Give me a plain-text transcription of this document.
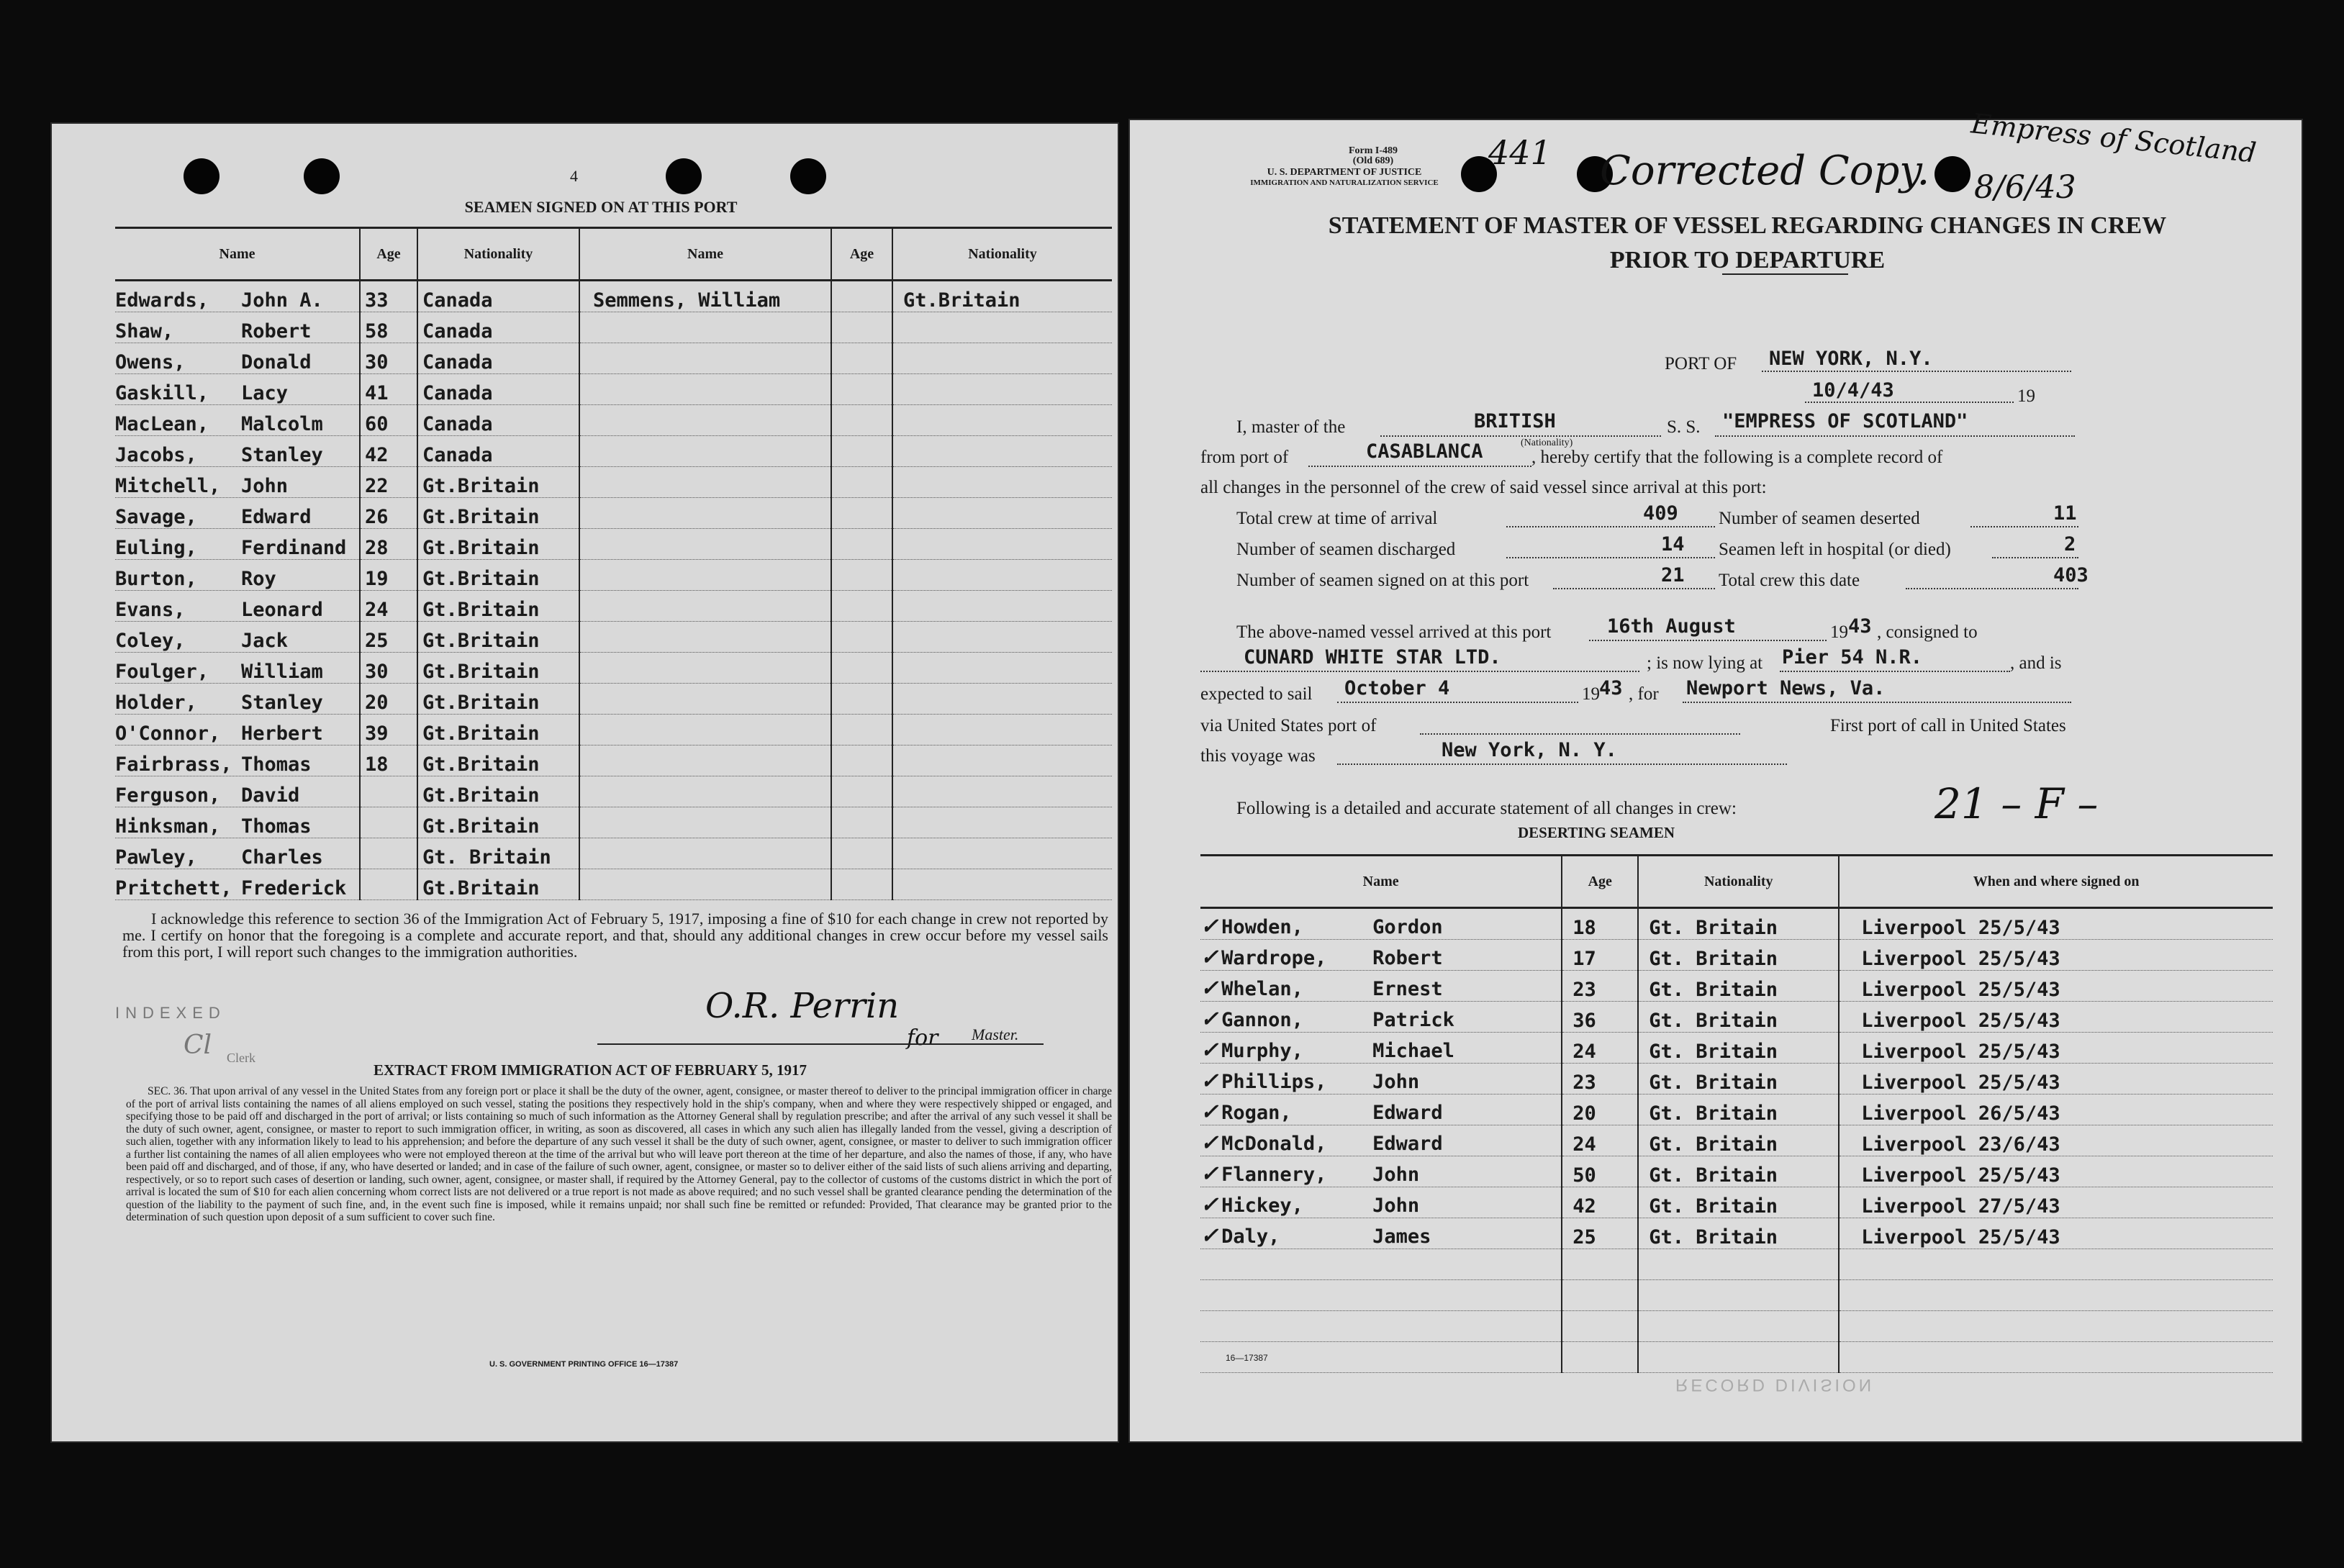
4
SEAMEN SIGNED ON AT THIS PORT
Name	Age	Nationality	Name	Age	Nationality
Edwards, John A.	33	Canada	Semmens, William		Gt.Britain
Shaw, Robert	58	Canada			
Owens, Donald	30	Canada			
Gaskill, Lacy	41	Canada			
MacLean, Malcolm	60	Canada			
Jacobs, Stanley	42	Canada			
Mitchell, John	22	Gt.Britain			
Savage, Edward	26	Gt.Britain			
Euling, Ferdinand	28	Gt.Britain			
Burton, Roy	19	Gt.Britain			
Evans, Leonard	24	Gt.Britain			
Coley, Jack	25	Gt.Britain			
Foulger, William	30	Gt.Britain			
Holder, Stanley	20	Gt.Britain			
O'Connor, Herbert	39	Gt.Britain			
Fairbrass, Thomas	18	Gt.Britain			
Ferguson, David		Gt.Britain			
Hinksman, Thomas		Gt.Britain			
Pawley, Charles		Gt. Britain			
Pritchett, Frederick		Gt.Britain			
I acknowledge this reference to section 36 of the Immigration Act of February 5, 1917, imposing a fine of $10 for each change in crew not reported by me. I certify on honor that the foregoing is a complete and accurate report, and that, should any additional changes in crew occur before my vessel sails from this port, I will report such changes to the immigration authorities.
INDEXED
Cl Clerk
O.R. Perrin
for Master.
EXTRACT FROM IMMIGRATION ACT OF FEBRUARY 5, 1917
SEC. 36. That upon arrival of any vessel in the United States from any foreign port or place it shall be the duty of the owner, agent, consignee, or master thereof to deliver to the principal immigration officer in charge of the port of arrival lists containing the names of all aliens employed on such vessel, stating the positions they respectively hold in the ship's company, when and where they were respectively shipped or engaged, and specifying those to be paid off and discharged in the port of arrival; or lists containing so much of such information as the Attorney General shall by regulation prescribe; and after the arrival of any such vessel it shall be the duty of such owner, agent, consignee, or master to report to such immigration officer, in writing, as soon as discovered, all cases in which any such alien has illegally landed from the vessel, giving a description of such alien, together with any information likely to lead to his apprehension; and before the departure of any such vessel it shall be the duty of such owner, agent, consignee, or master to deliver to such immigration officer a further list containing the names of all alien employees who were not employed thereon at the time of the arrival but who will leave port thereon at the time of her departure, and also the names of those, if any, who have been paid off and discharged, and of those, if any, who have deserted or landed; and in case of the failure of such owner, agent, consignee, or master so to deliver either of the said lists of such aliens arriving and departing, respectively, or so to report such cases of desertion or landing, such owner, agent, consignee, or master shall, if required by the Attorney General, pay to the collector of customs of the customs district in which the port of arrival is located the sum of $10 for each alien concerning whom correct lists are not delivered or a true report is not made as above required; and no such vessel shall be granted clearance pending the determination of the question of the liability to the payment of such fine, and, in the event such fine is imposed, while it remains unpaid; nor shall such fine be remitted or refunded: Provided, That clearance may be granted prior to the determination of such question upon deposit of a sum sufficient to cover such fine.
U. S. GOVERNMENT PRINTING OFFICE 16—17387
Form I-489
(Old 689)
U. S. DEPARTMENT OF JUSTICE
IMMIGRATION AND NATURALIZATION SERVICE
441 Corrected Copy.
Empress of Scotland
8/6/43
STATEMENT OF MASTER OF VESSEL REGARDING CHANGES IN CREW
PRIOR TO DEPARTURE
PORT OF NEW YORK, N.Y.
10/4/43	19
I, master of the	BRITISH
(Nationality)
S. S. "EMPRESS OF SCOTLAND"
from port of	CASABLANCA	, hereby certify that the following is a complete record of
all changes in the personnel of the crew of said vessel since arrival at this port:
Total crew at time of arrival	409 Number of seamen deserted	11
Number of seamen discharged	14 Seamen left in hospital (or died)	2
Number of seamen signed on at this port	21 Total crew this date	403
The above-named vessel arrived at this port	16th August	19 43 , consigned to
CUNARD WHITE STAR LTD.	; is now lying at Pier 54 N.R.	, and is
expected to sail October 4	19 43 , for Newport News, Va.
via United States port of	First port of call in United States
this voyage was	New York, N. Y.
Following is a detailed and accurate statement of all changes in crew:	21 – F –
DESERTING SEAMEN
Name	Age	Nationality	When and where signed on
✓ Howden, Gordon	18	Gt. Britain	Liverpool 25/5/43
✓ Wardrope, Robert	17	Gt. Britain	Liverpool 25/5/43
✓ Whelan, Ernest	23	Gt. Britain	Liverpool 25/5/43
✓ Gannon, Patrick	36	Gt. Britain	Liverpool 25/5/43
✓ Murphy, Michael	24	Gt. Britain	Liverpool 25/5/43
✓ Phillips, John	23	Gt. Britain	Liverpool 25/5/43
✓ Rogan, Edward	20	Gt. Britain	Liverpool 26/5/43
✓ McDonald, Edward	24	Gt. Britain	Liverpool 23/6/43
✓ Flannery, John	50	Gt. Britain	Liverpool 25/5/43
✓ Hickey, John	42	Gt. Britain	Liverpool 27/5/43
✓ Daly, James	25	Gt. Britain	Liverpool 25/5/43

16—17387
RECORD DIVISION
